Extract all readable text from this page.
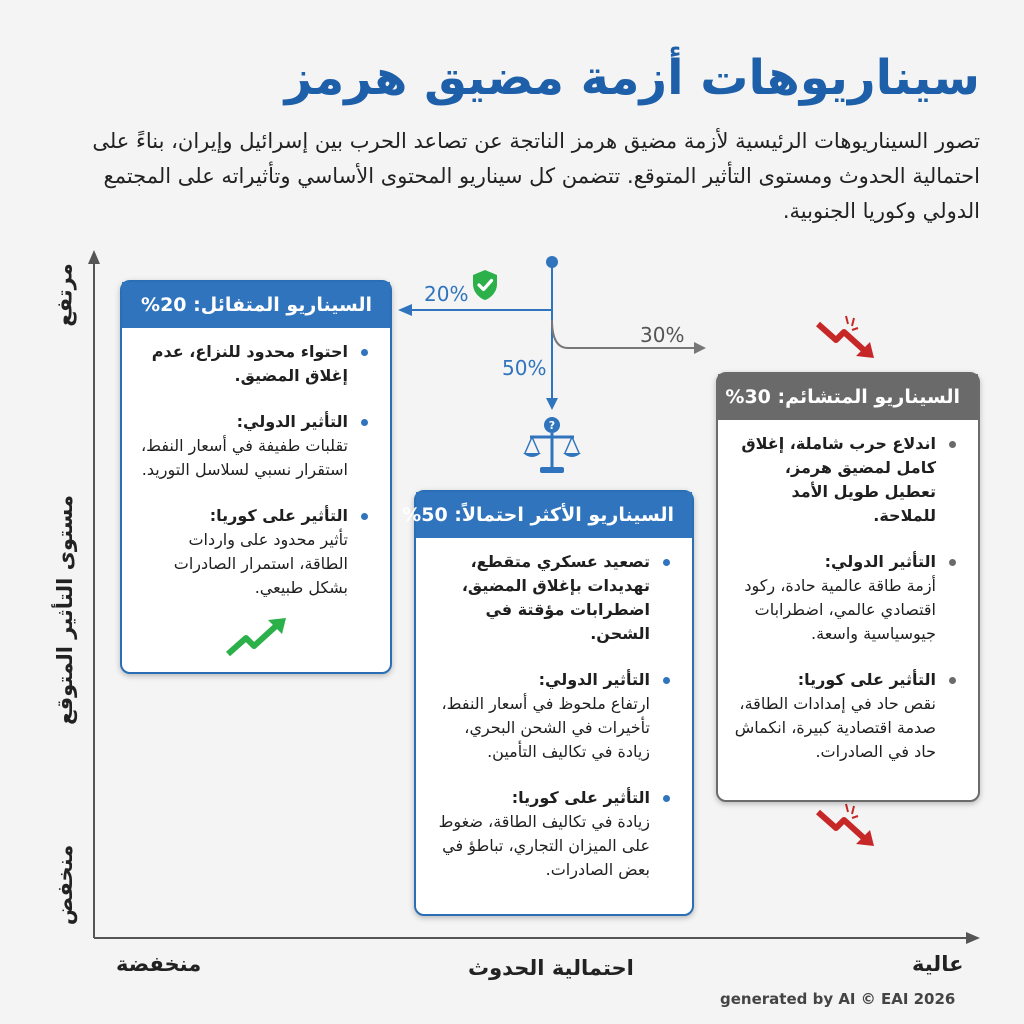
سيناريوهات أزمة مضيق هرمز
تصور السيناريوهات الرئيسية لأزمة مضيق هرمز الناتجة عن تصاعد الحرب بين إسرائيل وإيران، بناءً على احتمالية الحدوث ومستوى التأثير المتوقع. تتضمن كل سيناريو المحتوى الأساسي وتأثيراته على المجتمع الدولي وكوريا الجنوبية.
مرتفع
مستوى التأثير المتوقع
منخفض
منخفضة	احتمالية الحدوث	عالية
20%
50%
30%
?
السيناريو المتفائل: 20%
احتواء محدود للنزاع، عدم إغلاق المضيق.
التأثير الدولي:
تقلبات طفيفة في أسعار النفط، استقرار نسبي لسلاسل التوريد.
التأثير على كوريا:
تأثير محدود على واردات الطاقة، استمرار الصادرات بشكل طبيعي.
السيناريو الأكثر احتمالاً: 50%
تصعيد عسكري متقطع، تهديدات بإغلاق المضيق، اضطرابات مؤقتة في الشحن.
التأثير الدولي:
ارتفاع ملحوظ في أسعار النفط، تأخيرات في الشحن البحري، زيادة في تكاليف التأمين.
التأثير على كوريا:
زيادة في تكاليف الطاقة، ضغوط على الميزان التجاري، تباطؤ في بعض الصادرات.
السيناريو المتشائم: 30%
اندلاع حرب شاملة، إغلاق كامل لمضيق هرمز، تعطيل طويل الأمد للملاحة.
التأثير الدولي:
أزمة طاقة عالمية حادة، ركود اقتصادي عالمي، اضطرابات جيوسياسية واسعة.
التأثير على كوريا:
نقص حاد في إمدادات الطاقة، صدمة اقتصادية كبيرة، انكماش حاد في الصادرات.
generated by AI © EAI 2026
